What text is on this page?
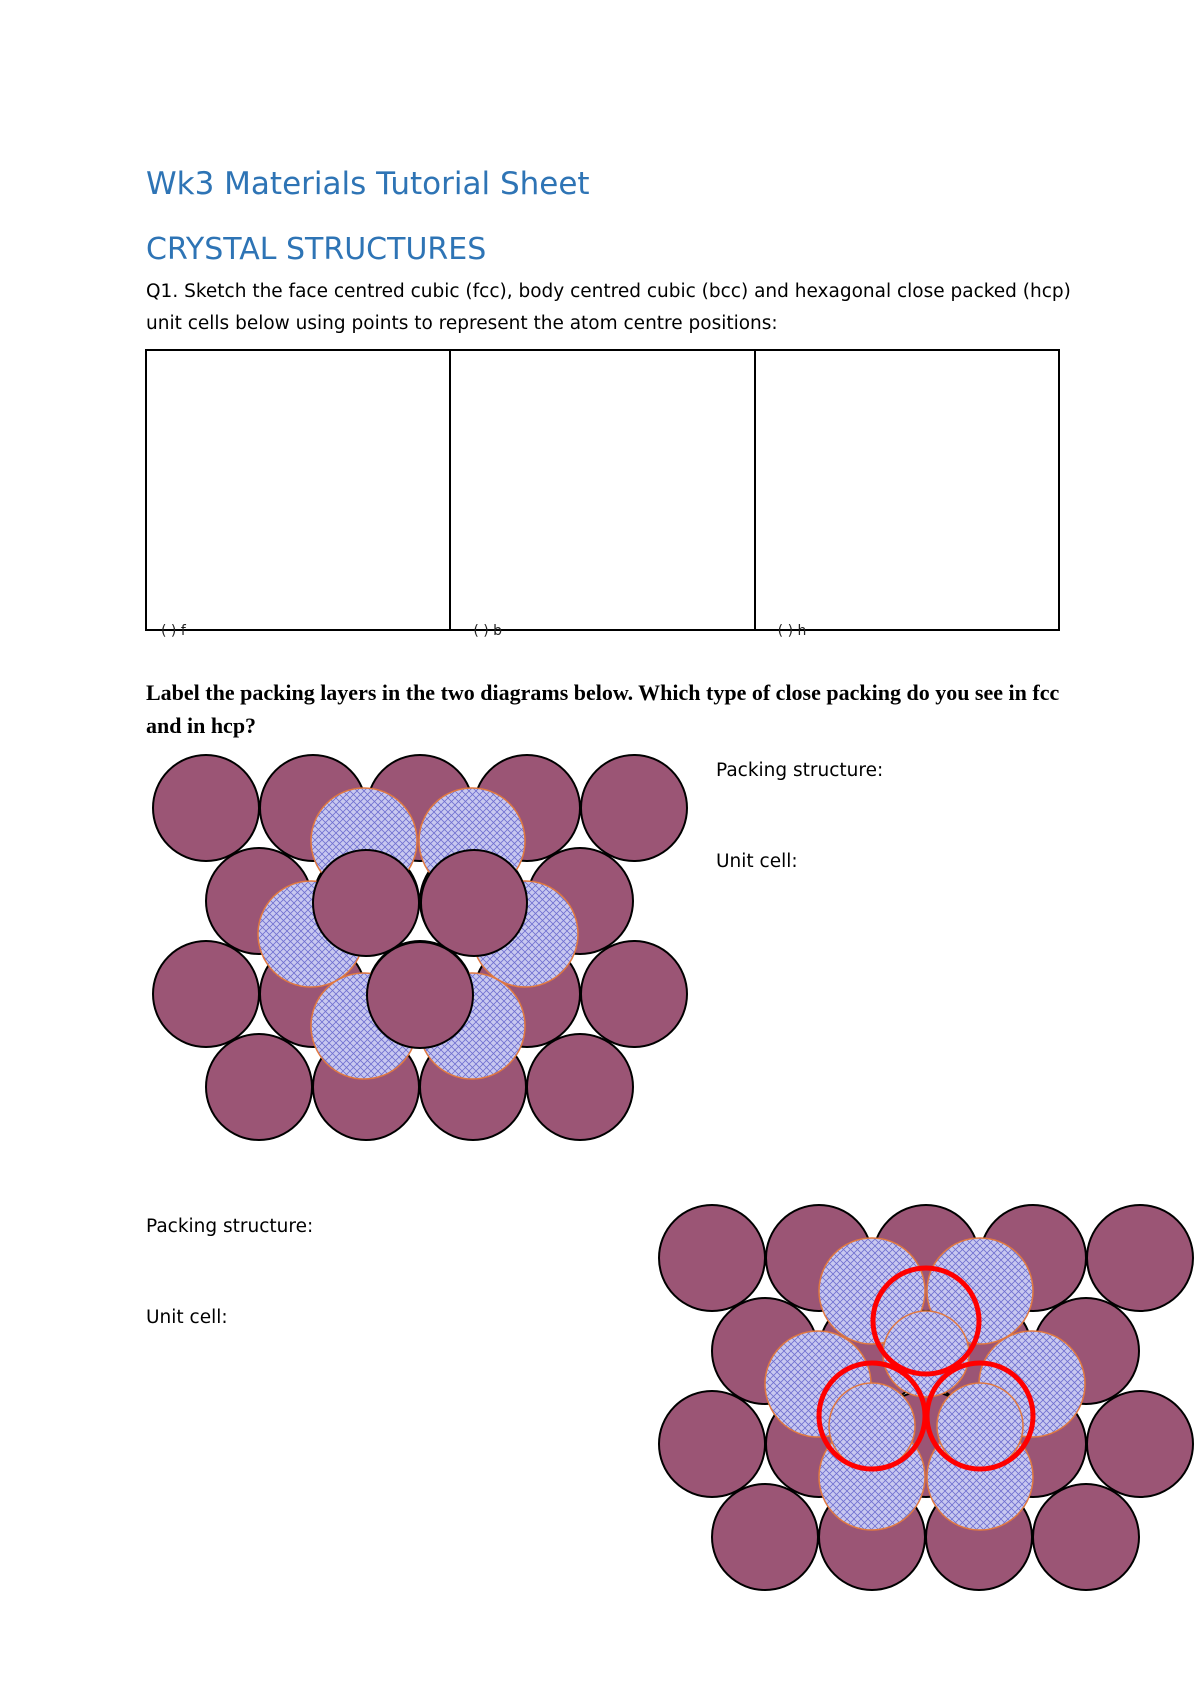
Wk3 Materials Tutorial Sheet
CRYSTAL STRUCTURES

Q1. Sketch the face centred cubic (fcc), body centred cubic (bcc) and hexagonal close packed (hcp) unit cells below using points to represent the atom centre positions:

( ) f	( ) b	( ) h

Label the packing layers in the two diagrams below. Which type of close packing do you see in fcc and in hcp?

Packing structure:
Unit cell:
Packing structure:
Unit cell:
